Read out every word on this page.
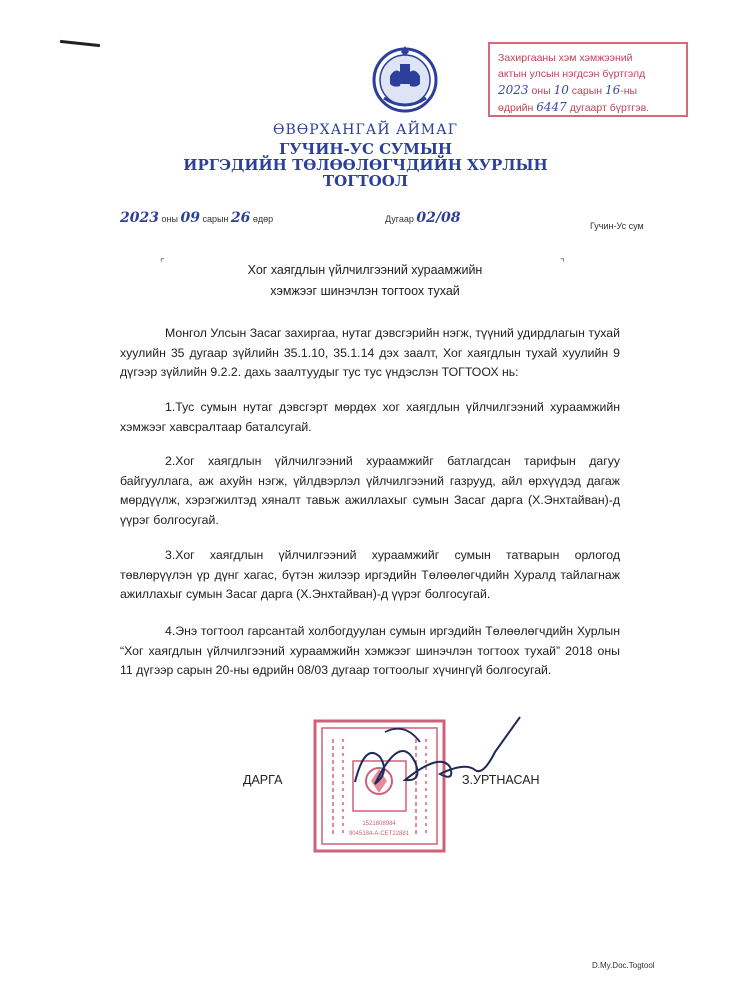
Захиргааны хэм хэмжээний
актын улсын нэгдсэн бүртгэлд
2023 оны 10 сарын 16-ны
өдрийн 6447 дугаарт бүртгэв.
ӨВӨРХАНГАЙ АЙМАГ
ГУЧИН-УС СУМЫН
ИРГЭДИЙН ТӨЛӨӨЛӨГЧДИЙН ХУРЛЫН
ТОГТООЛ
2023 оны 09 сарын 26 өдөр	Дугаар 02/08	Гучин-Ус сум
⌜	⌝
Хог хаягдлын үйлчилгээний хураамжийн
хэмжээг шинэчлэн тогтоох тухай
Монгол Улсын Засаг захиргаа, нутаг дэвсгэрийн нэгж, түүний удирдлагын тухай хуулийн 35 дугаар зүйлийн 35.1.10, 35.1.14 дэх заалт, Хог хаягдлын тухай хуулийн 9 дүгээр зүйлийн 9.2.2. дахь заалтуудыг тус тус үндэслэн ТОГТООХ нь:
1.Тус сумын нутаг дэвсгэрт мөрдөх хог хаягдлын үйлчилгээний хураамжийн хэмжээг хавсралтаар баталсугай.
2.Хог хаягдлын үйлчилгээний хураамжийг батлагдсан тарифын дагуу байгууллага, аж ахуйн нэгж, үйлдвэрлэл үйлчилгээний газрууд, айл өрхүүдэд дагаж мөрдүүлж, хэрэгжилтэд хяналт тавьж ажиллахыг сумын Засаг дарга (Х.Энхтайван)-д үүрэг болгосугай.
3.Хог хаягдлын үйлчилгээний хураамжийг сумын татварын орлогод төвлөрүүлэн үр дүнг хагас, бүтэн жилээр иргэдийн Төлөөлөгчдийн Хуралд тайлагнаж ажиллахыг сумын Засаг дарга (Х.Энхтайван)-д үүрэг болгосугай.
4.Энэ тогтоол гарсантай холбогдуулан сумын иргэдийн Төлөөлөгчдийн Хурлын “Хог хаягдлын үйлчилгээний хураамжийн хэмжээг шинэчлэн тогтоох тухай” 2018 оны 11 дүгээр сарын 20-ны өдрийн 08/03 дугаар тогтоолыг хүчингүй болгосугай.
1521808984
9045184-А-СЕТ22881
ДАРГА	З.УРТНАСАН
D.My.Doc.Togtool
